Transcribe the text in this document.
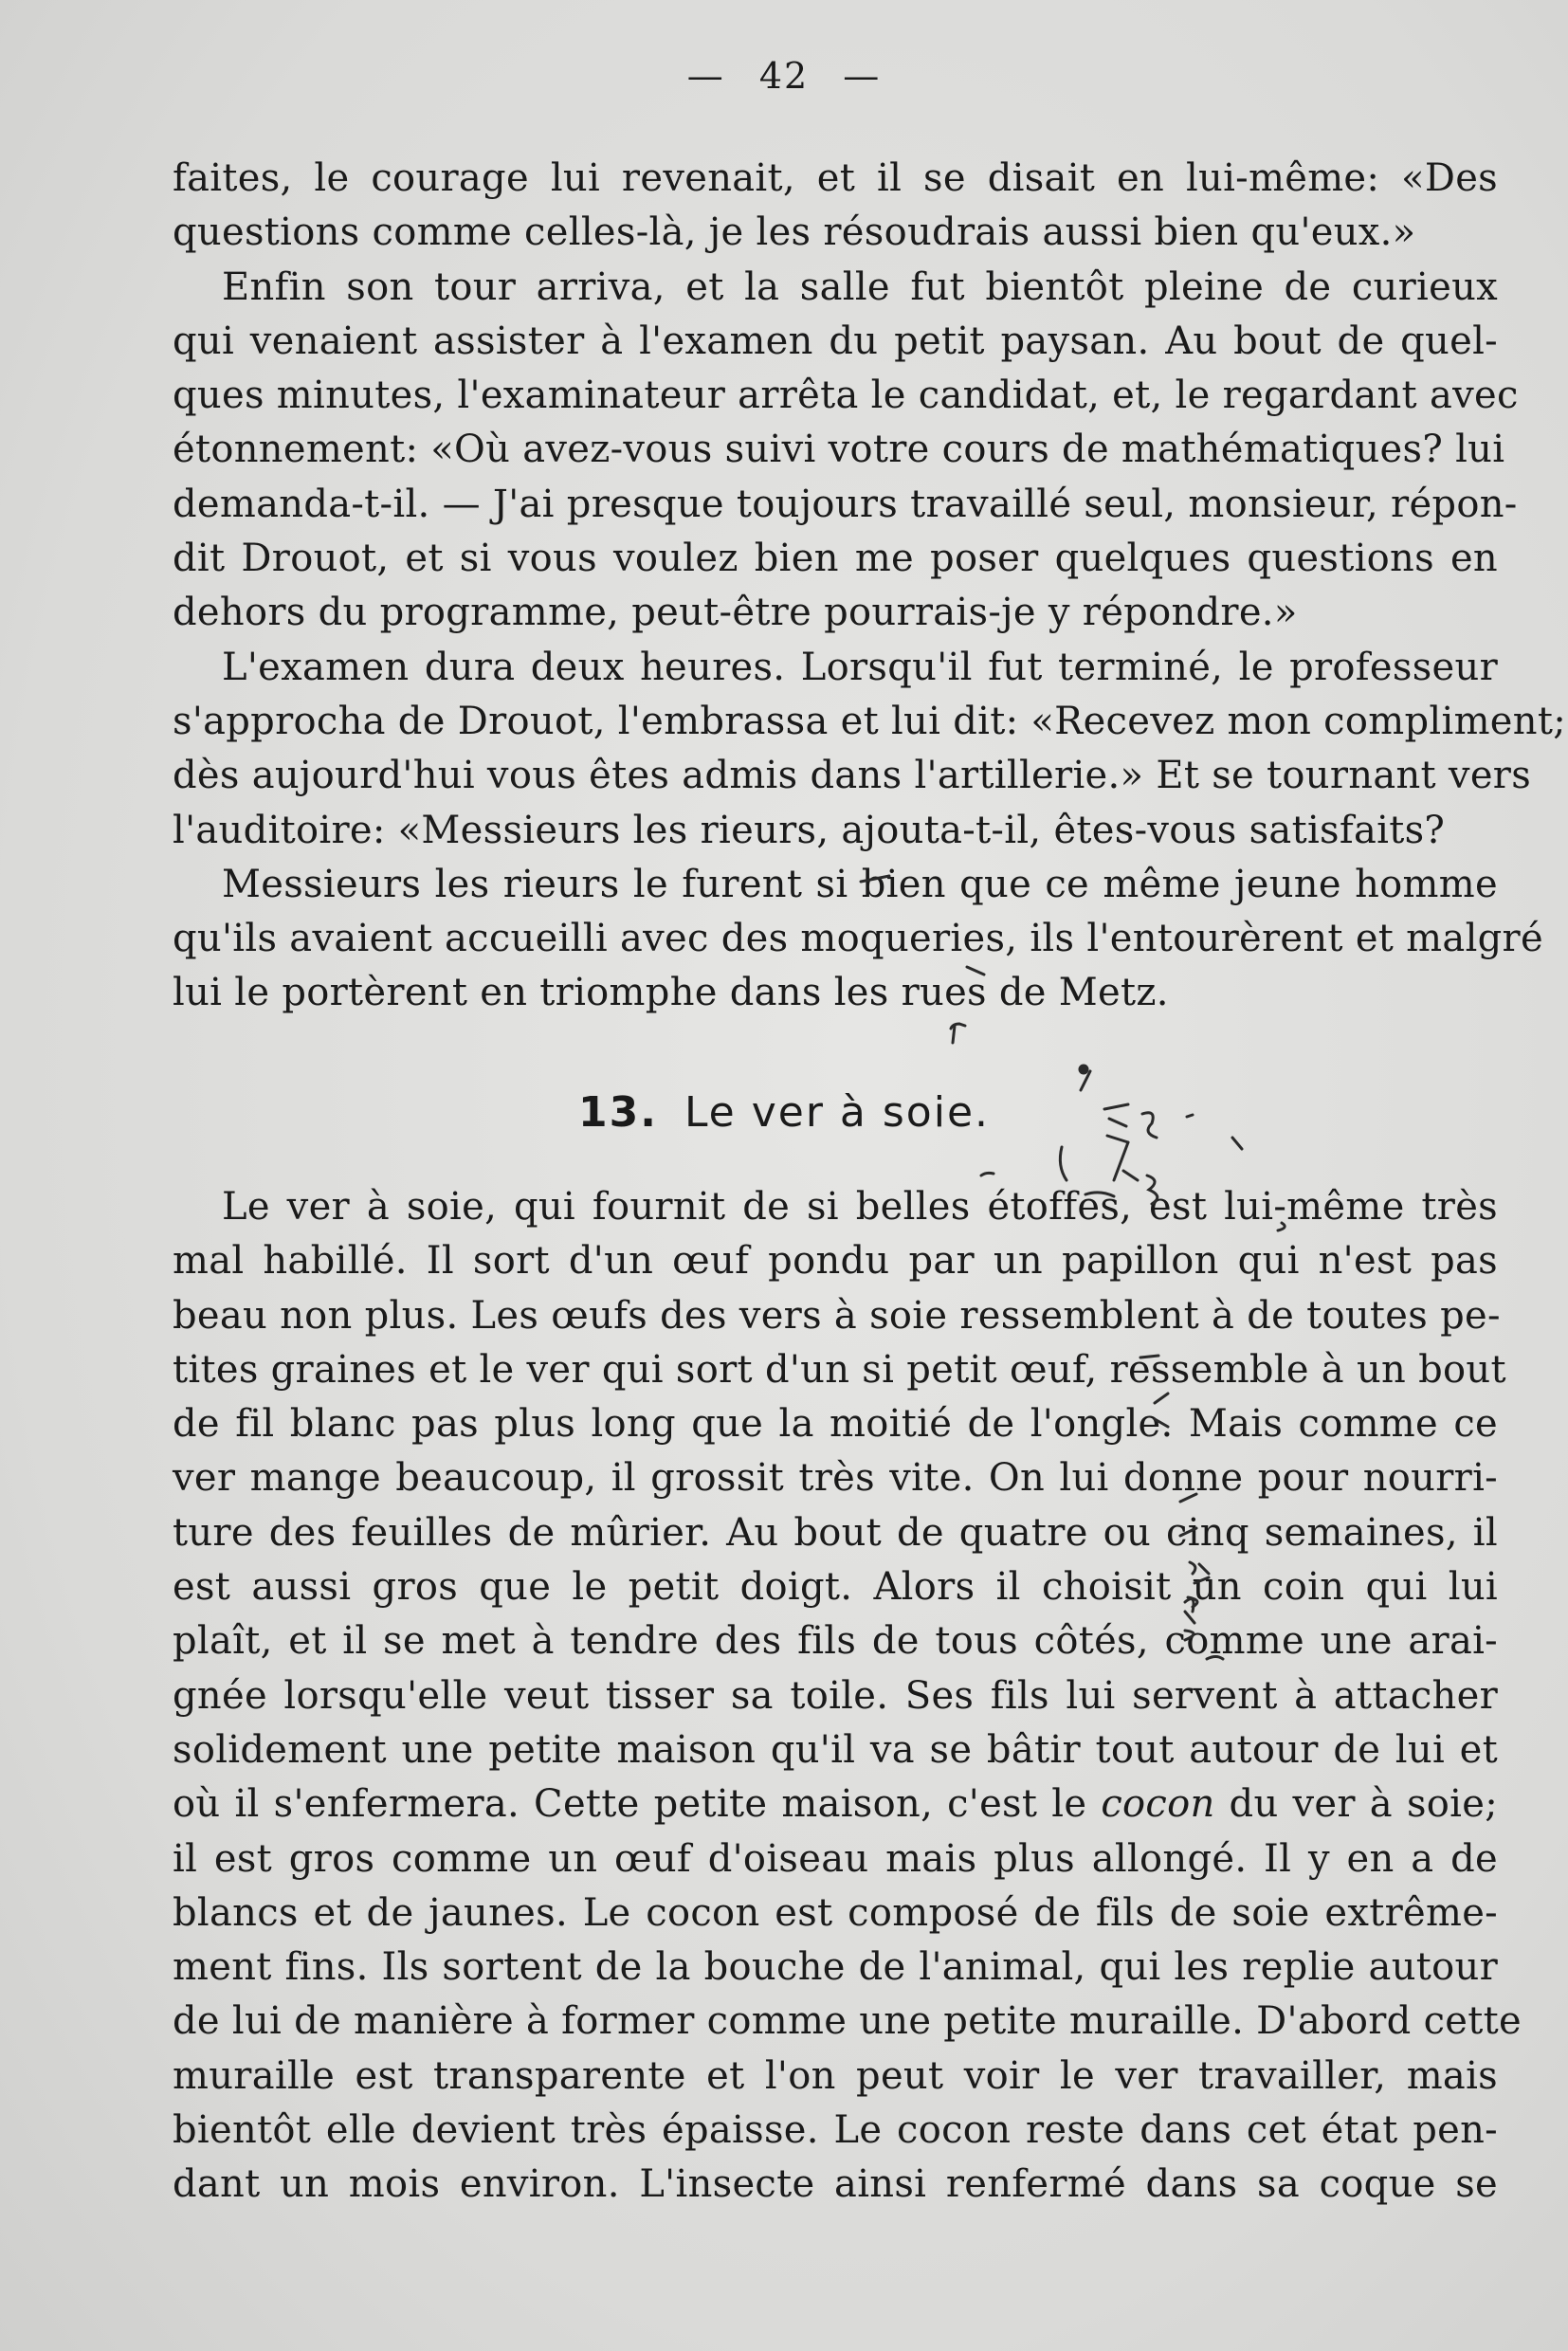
— 42 —
faites, le courage lui revenait, et il se disait en lui-même: «Des
questions comme celles-là, je les résoudrais aussi bien qu'eux.»
Enfin son tour arriva, et la salle fut bientôt pleine de curieux
qui venaient assister à l'examen du petit paysan. Au bout de quel-
ques minutes, l'examinateur arrêta le candidat, et, le regardant avec
étonnement: «Où avez-vous suivi votre cours de mathématiques? lui
demanda-t-il. — J'ai presque toujours travaillé seul, monsieur, répon-
dit Drouot, et si vous voulez bien me poser quelques questions en
dehors du programme, peut-être pourrais-je y répondre.»
L'examen dura deux heures. Lorsqu'il fut terminé, le professeur
s'approcha de Drouot, l'embrassa et lui dit: «Recevez mon compliment;
dès aujourd'hui vous êtes admis dans l'artillerie.» Et se tournant vers
l'auditoire: «Messieurs les rieurs, ajouta-t-il, êtes-vous satisfaits?
Messieurs les rieurs le furent si bien que ce même jeune homme
qu'ils avaient accueilli avec des moqueries, ils l'entourèrent et malgré
lui le portèrent en triomphe dans les rues de Metz.
13. Le ver à soie.
Le ver à soie, qui fournit de si belles étoffes, est lui-même très
mal habillé. Il sort d'un œuf pondu par un papillon qui n'est pas
beau non plus. Les œufs des vers à soie ressemblent à de toutes pe-
tites graines et le ver qui sort d'un si petit œuf, ressemble à un bout
de fil blanc pas plus long que la moitié de l'ongle. Mais comme ce
ver mange beaucoup, il grossit très vite. On lui donne pour nourri-
ture des feuilles de mûrier. Au bout de quatre ou cinq semaines, il
est aussi gros que le petit doigt. Alors il choisit un coin qui lui
plaît, et il se met à tendre des fils de tous côtés, comme une arai-
gnée lorsqu'elle veut tisser sa toile. Ses fils lui servent à attacher
solidement une petite maison qu'il va se bâtir tout autour de lui et
où il s'enfermera. Cette petite maison, c'est le cocon du ver à soie;
il est gros comme un œuf d'oiseau mais plus allongé. Il y en a de
blancs et de jaunes. Le cocon est composé de fils de soie extrême-
ment fins. Ils sortent de la bouche de l'animal, qui les replie autour
de lui de manière à former comme une petite muraille. D'abord cette
muraille est transparente et l'on peut voir le ver travailler, mais
bientôt elle devient très épaisse. Le cocon reste dans cet état pen-
dant un mois environ. L'insecte ainsi renfermé dans sa coque se
